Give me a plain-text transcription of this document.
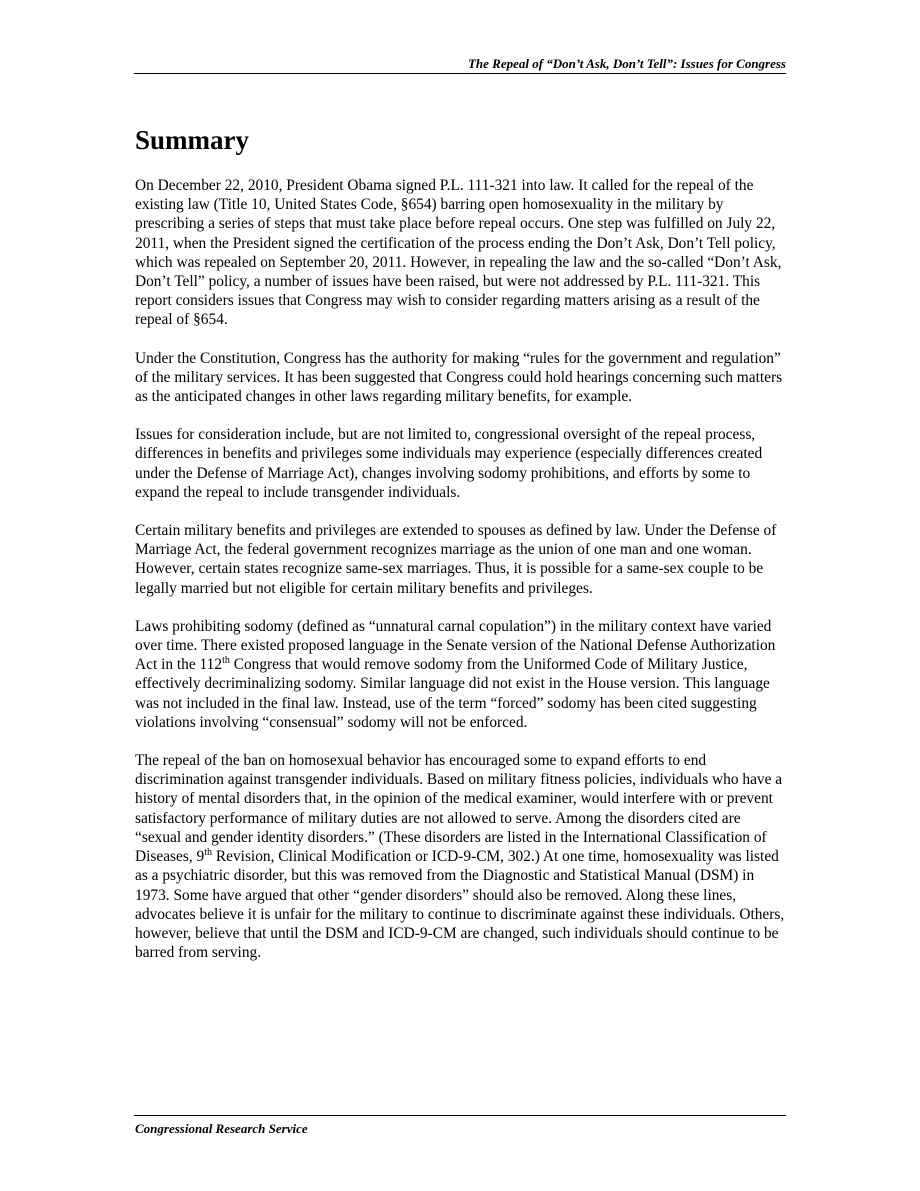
The Repeal of “Don’t Ask, Don’t Tell”: Issues for Congress
Summary

On December 22, 2010, President Obama signed P.L. 111-321 into law. It called for the repeal of the existing law (Title 10, United States Code, §654) barring open homosexuality in the military by prescribing a series of steps that must take place before repeal occurs. One step was fulfilled on July 22, 2011, when the President signed the certification of the process ending the Don’t Ask, Don’t Tell policy, which was repealed on September 20, 2011. However, in repealing the law and the so-called “Don’t Ask, Don’t Tell” policy, a number of issues have been raised, but were not addressed by P.L. 111-321. This report considers issues that Congress may wish to consider regarding matters arising as a result of the repeal of §654.

Under the Constitution, Congress has the authority for making “rules for the government and regulation” of the military services. It has been suggested that Congress could hold hearings concerning such matters as the anticipated changes in other laws regarding military benefits, for example.

Issues for consideration include, but are not limited to, congressional oversight of the repeal process, differences in benefits and privileges some individuals may experience (especially differences created under the Defense of Marriage Act), changes involving sodomy prohibitions, and efforts by some to expand the repeal to include transgender individuals.

Certain military benefits and privileges are extended to spouses as defined by law. Under the Defense of Marriage Act, the federal government recognizes marriage as the union of one man and one woman. However, certain states recognize same-sex marriages. Thus, it is possible for a same-sex couple to be legally married but not eligible for certain military benefits and privileges.

Laws prohibiting sodomy (defined as “unnatural carnal copulation”) in the military context have varied over time. There existed proposed language in the Senate version of the National Defense Authorization Act in the 112th Congress that would remove sodomy from the Uniformed Code of Military Justice, effectively decriminalizing sodomy. Similar language did not exist in the House version. This language was not included in the final law. Instead, use of the term “forced” sodomy has been cited suggesting violations involving “consensual” sodomy will not be enforced.

The repeal of the ban on homosexual behavior has encouraged some to expand efforts to end discrimination against transgender individuals. Based on military fitness policies, individuals who have a history of mental disorders that, in the opinion of the medical examiner, would interfere with or prevent satisfactory performance of military duties are not allowed to serve. Among the disorders cited are “sexual and gender identity disorders.” (These disorders are listed in the International Classification of Diseases, 9th Revision, Clinical Modification or ICD-9-CM, 302.) At one time, homosexuality was listed as a psychiatric disorder, but this was removed from the Diagnostic and Statistical Manual (DSM) in 1973. Some have argued that other “gender disorders” should also be removed. Along these lines, advocates believe it is unfair for the military to continue to discriminate against these individuals. Others, however, believe that until the DSM and ICD-9-CM are changed, such individuals should continue to be barred from serving.

Congressional Research Service
